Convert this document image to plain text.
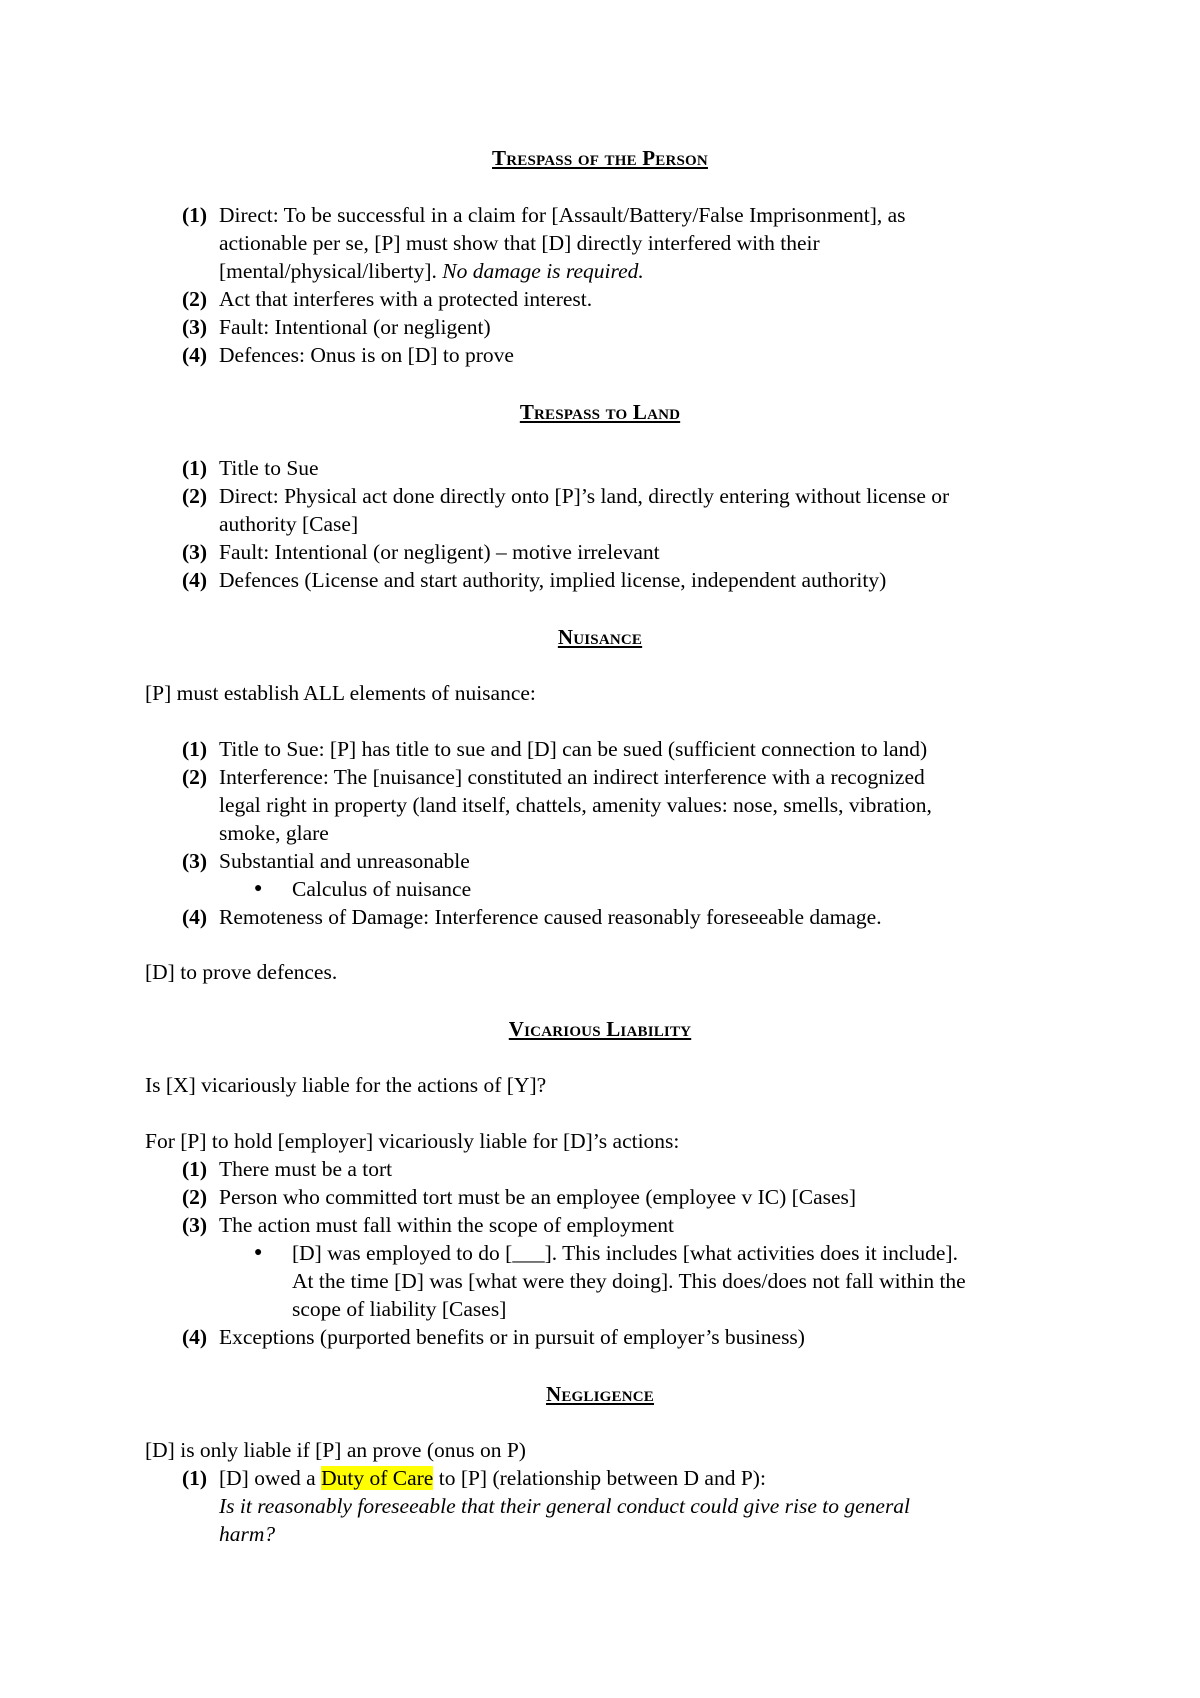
Trespass of the Person
(1) Direct: To be successful in a claim for [Assault/Battery/False Imprisonment], as
actionable per se, [P] must show that [D] directly interfered with their
[mental/physical/liberty]. No damage is required.
(2) Act that interferes with a protected interest.
(3) Fault: Intentional (or negligent)
(4) Defences: Onus is on [D] to prove
Trespass to Land
(1) Title to Sue
(2) Direct: Physical act done directly onto [P]’s land, directly entering without license or
authority [Case]
(3) Fault: Intentional (or negligent) – motive irrelevant
(4) Defences (License and start authority, implied license, independent authority)
Nuisance
[P] must establish ALL elements of nuisance:
(1) Title to Sue: [P] has title to sue and [D] can be sued (sufficient connection to land)
(2) Interference: The [nuisance] constituted an indirect interference with a recognized
legal right in property (land itself, chattels, amenity values: nose, smells, vibration,
smoke, glare
(3) Substantial and unreasonable
● Calculus of nuisance
(4) Remoteness of Damage: Interference caused reasonably foreseeable damage.
[D] to prove defences.
Vicarious Liability
Is [X] vicariously liable for the actions of [Y]?
For [P] to hold [employer] vicariously liable for [D]’s actions:
(1) There must be a tort
(2) Person who committed tort must be an employee (employee v IC) [Cases]
(3) The action must fall within the scope of employment
● [D] was employed to do [___]. This includes [what activities does it include].
At the time [D] was [what were they doing]. This does/does not fall within the
scope of liability [Cases]
(4) Exceptions (purported benefits or in pursuit of employer’s business)
Negligence
[D] is only liable if [P] an prove (onus on P)
(1) [D] owed a Duty of Care to [P] (relationship between D and P):
Is it reasonably foreseeable that their general conduct could give rise to general
harm?
